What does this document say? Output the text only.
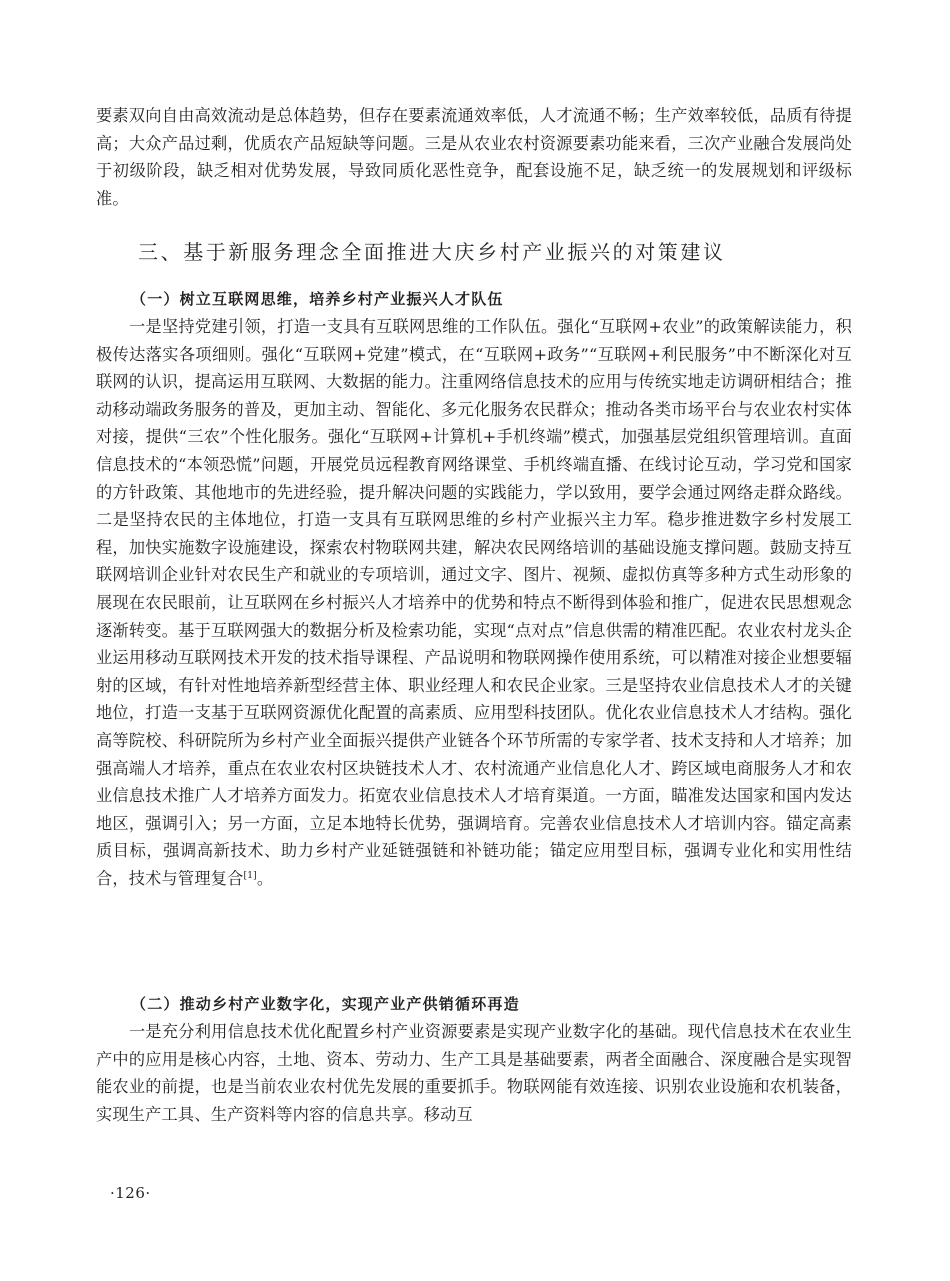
要素双向自由高效流动是总体趋势，但存在要素流通效率低，人才流通不畅；生产效率较低，品质有待提高；大众产品过剩，优质农产品短缺等问题。三是从农业农村资源要素功能来看，三次产业融合发展尚处于初级阶段，缺乏相对优势发展，导致同质化恶性竞争，配套设施不足，缺乏统一的发展规划和评级标准。

三、基于新服务理念全面推进大庆乡村产业振兴的对策建议
（一）树立互联网思维，培养乡村产业振兴人才队伍

一是坚持党建引领，打造一支具有互联网思维的工作队伍。强化“互联网+农业”的政策解读能力，积极传达落实各项细则。强化“互联网+党建”模式，在“互联网+政务”“互联网+利民服务”中不断深化对互联网的认识，提高运用互联网、大数据的能力。注重网络信息技术的应用与传统实地走访调研相结合；推动移动端政务服务的普及，更加主动、智能化、多元化服务农民群众；推动各类市场平台与农业农村实体对接，提供“三农”个性化服务。强化“互联网+计算机+手机终端”模式，加强基层党组织管理培训。直面信息技术的“本领恐慌”问题，开展党员远程教育网络课堂、手机终端直播、在线讨论互动，学习党和国家的方针政策、其他地市的先进经验，提升解决问题的实践能力，学以致用，要学会通过网络走群众路线。二是坚持农民的主体地位，打造一支具有互联网思维的乡村产业振兴主力军。稳步推进数字乡村发展工程，加快实施数字设施建设，探索农村物联网共建，解决农民网络培训的基础设施支撑问题。鼓励支持互联网培训企业针对农民生产和就业的专项培训，通过文字、图片、视频、虚拟仿真等多种方式生动形象的展现在农民眼前，让互联网在乡村振兴人才培养中的优势和特点不断得到体验和推广，促进农民思想观念逐渐转变。基于互联网强大的数据分析及检索功能，实现“点对点”信息供需的精准匹配。农业农村龙头企业运用移动互联网技术开发的技术指导课程、产品说明和物联网操作使用系统，可以精准对接企业想要辐射的区域，有针对性地培养新型经营主体、职业经理人和农民企业家。三是坚持农业信息技术人才的关键地位，打造一支基于互联网资源优化配置的高素质、应用型科技团队。优化农业信息技术人才结构。强化高等院校、科研院所为乡村产业全面振兴提供产业链各个环节所需的专家学者、技术支持和人才培养；加强高端人才培养，重点在农业农村区块链技术人才、农村流通产业信息化人才、跨区域电商服务人才和农业信息技术推广人才培养方面发力。拓宽农业信息技术人才培育渠道。一方面，瞄准发达国家和国内发达地区，强调引入；另一方面，立足本地特长优势，强调培育。完善农业信息技术人才培训内容。锚定高素质目标，强调高新技术、助力乡村产业延链强链和补链功能；锚定应用型目标，强调专业化和实用性结合，技术与管理复合[1]。

（二）推动乡村产业数字化，实现产业产供销循环再造

一是充分利用信息技术优化配置乡村产业资源要素是实现产业数字化的基础。现代信息技术在农业生产中的应用是核心内容，土地、资本、劳动力、生产工具是基础要素，两者全面融合、深度融合是实现智能农业的前提，也是当前农业农村优先发展的重要抓手。物联网能有效连接、识别农业设施和农机装备，实现生产工具、生产资料等内容的信息共享。移动互

·126·
